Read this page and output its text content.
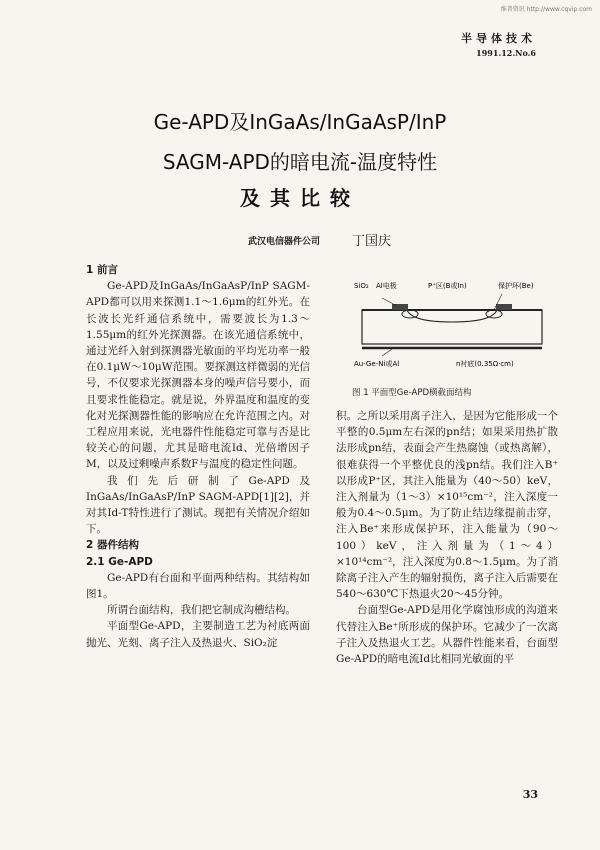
维普资讯 http://www.cqvip.com
半导体技术
1991.12.No.6
Ge-APD及InGaAs/InGaAsP/InP
SAGM-APD的暗电流-温度特性
及其比较
武汉电信器件公司 丁国庆

1 前言

Ge-APD及InGaAs/InGaAsP/InP SAGM-APD都可以用来探测1.1～1.6μm的红外光。在长波长光纤通信系统中，需要波长为1.3～1.55μm的红外光探测器。在该光通信系统中，通过光纤入射到探测器光敏面的平均光功率一般在0.1μW～10μW范围。要探测这样微弱的光信号，不仅要求光探测器本身的噪声信号要小，而且要求性能稳定。就是说，外界温度和温度的变化对光探测器性能的影响应在允许范围之内。对工程应用来说，光电器件性能稳定可靠与否是比较关心的问题，尤其是暗电流Id、光倍增因子M，以及过剩噪声系数F与温度的稳定性问题。

我们先后研制了Ge-APD及InGaAs/InGaAsP/InP SAGM-APD[1][2]，并对其Id-T特性进行了测试。现把有关情况介绍如下。

2 器件结构

2.1 Ge-APD

Ge-APD有台面和平面两种结构。其结构如图1。

所谓台面结构，我们把它制成沟槽结构。

平面型Ge-APD，主要制造工艺为衬底两面抛光、光刻、离子注入及热退火、SiO₂淀

SiO₂ Al电极	P⁺区(B或In)	保护环(Be)
Au-Ge-Ni或Al	n衬底(0.35Ω·cm)
图 1 平面型Ge-APD横截面结构

积。之所以采用离子注入，是因为它能形成一个平整的0.5μm左右深的pn结；如果采用热扩散法形成pn结，表面会产生热腐蚀（或热离解），很难获得一个平整优良的浅pn结。我们注入B⁺以形成P⁺区，其注入能量为（40～50）keV，注入剂量为（1～3）×10¹⁵cm⁻²，注入深度一般为0.4～0.5μm。为了防止结边缘提前击穿，注入Be⁺来形成保护环，注入能量为（90～100）keV，注入剂量为（1～4）×10¹⁴cm⁻²，注入深度为0.8～1.5μm。为了消除离子注入产生的辐射损伤，离子注入后需要在540～630℃下热退火20～45分钟。

台面型Ge-APD是用化学腐蚀形成的沟道来代替注入Be⁺所形成的保护环。它减少了一次离子注入及热退火工艺。从器件性能来看，台面型Ge-APD的暗电流Id比相同光敏面的平

33
